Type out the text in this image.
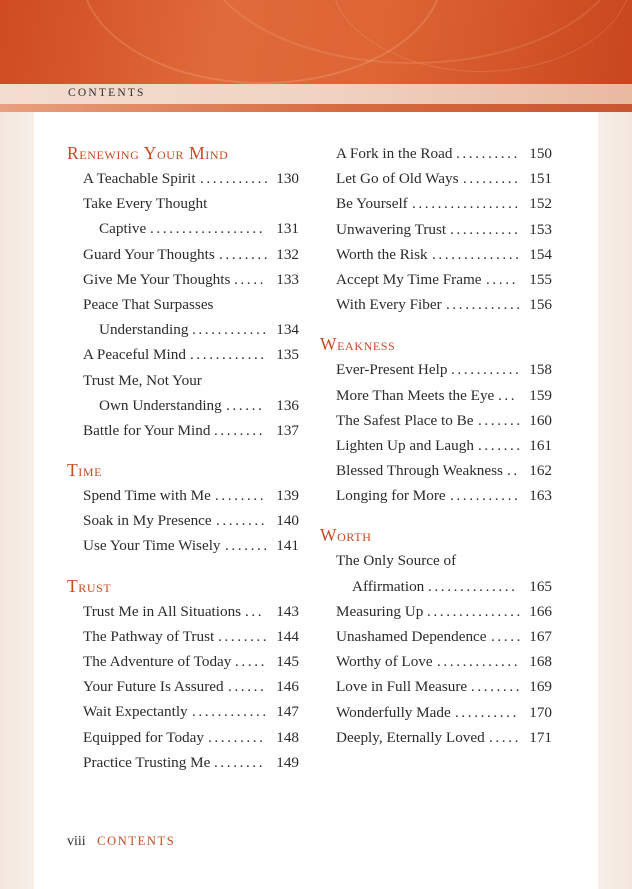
CONTENTS
Renewing Your Mind
A Teachable Spirit ........... 130
Take Every Thought
Captive .................. 131
Guard Your Thoughts ........ 132
Give Me Your Thoughts ..... 133
Peace That Surpasses
Understanding ............ 134
A Peaceful Mind ............ 135
Trust Me, Not Your
Own Understanding ...... 136
Battle for Your Mind ........ 137
Time
Spend Time with Me ........ 139
Soak in My Presence ........ 140
Use Your Time Wisely ....... 141
Trust
Trust Me in All Situations ... 143
The Pathway of Trust ........ 144
The Adventure of Today ..... 145
Your Future Is Assured ...... 146
Wait Expectantly ............ 147
Equipped for Today ......... 148
Practice Trusting Me ........ 149
A Fork in the Road .......... 150
Let Go of Old Ways ......... 151
Be Yourself ................. 152
Unwavering Trust ........... 153
Worth the Risk .............. 154
Accept My Time Frame ..... 155
With Every Fiber ............ 156
Weakness
Ever-Present Help ........... 158
More Than Meets the Eye ... 159
The Safest Place to Be ....... 160
Lighten Up and Laugh ....... 161
Blessed Through Weakness .. 162
Longing for More ........... 163
Worth
The Only Source of
Affirmation .............. 165
Measuring Up ............... 166
Unashamed Dependence ..... 167
Worthy of Love ............. 168
Love in Full Measure ........ 169
Wonderfully Made .......... 170
Deeply, Eternally Loved ..... 171
viii CONTENTS
